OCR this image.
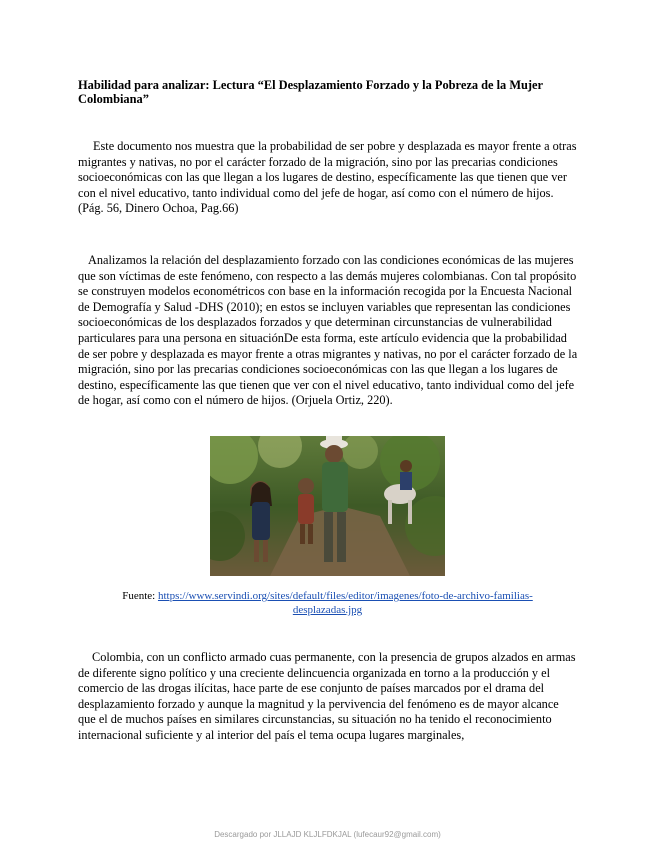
Habilidad para analizar: Lectura “El Desplazamiento Forzado y la Pobreza de la Mujer Colombiana”
Este documento nos muestra que la probabilidad de ser pobre y desplazada es mayor frente a otras migrantes y nativas, no por el carácter forzado de la migración, sino por las precarias condiciones socioeconómicas con las que llegan a los lugares de destino, específicamente las que tienen que ver con el nivel educativo, tanto individual como del jefe de hogar, así como con el número de hijos. (Pág. 56, Dinero Ochoa, Pag.66)
Analizamos la relación del desplazamiento forzado con las condiciones económicas de las mujeres que son víctimas de este fenómeno, con respecto a las demás mujeres colombianas. Con tal propósito se construyen modelos econométricos con base en la información recogida por la Encuesta Nacional de Demografía y Salud -DHS (2010); en estos se incluyen variables que representan las condiciones socioeconómicas de los desplazados forzados y que determinan circunstancias de vulnerabilidad particulares para una persona en situaciónDe esta forma, este artículo evidencia que la probabilidad de ser pobre y desplazada es mayor frente a otras migrantes y nativas, no por el carácter forzado de la migración, sino por las precarias condiciones socioeconómicas con las que llegan a los lugares de destino, específicamente las que tienen que ver con el nivel educativo, tanto individual como del jefe de hogar, así como con el número de hijos. (Orjuela Ortiz, 220).
Fuente: https://www.servindi.org/sites/default/files/editor/imagenes/foto-de-archivo-familias-desplazadas.jpg
Colombia, con un conflicto armado cuas permanente, con la presencia de grupos alzados en armas de diferente signo político y una creciente delincuencia organizada en torno a la producción y el comercio de las drogas ilícitas, hace parte de ese conjunto de países marcados por el drama del desplazamiento forzado y aunque la magnitud y la pervivencia del fenómeno es de mayor alcance que el de muchos países en similares circunstancias, su situación no ha tenido el reconocimiento internacional suficiente y al interior del país el tema ocupa lugares marginales,
Descargado por JLLAJD KLJLFDKJAL (lufecaur92@gmail.com)
